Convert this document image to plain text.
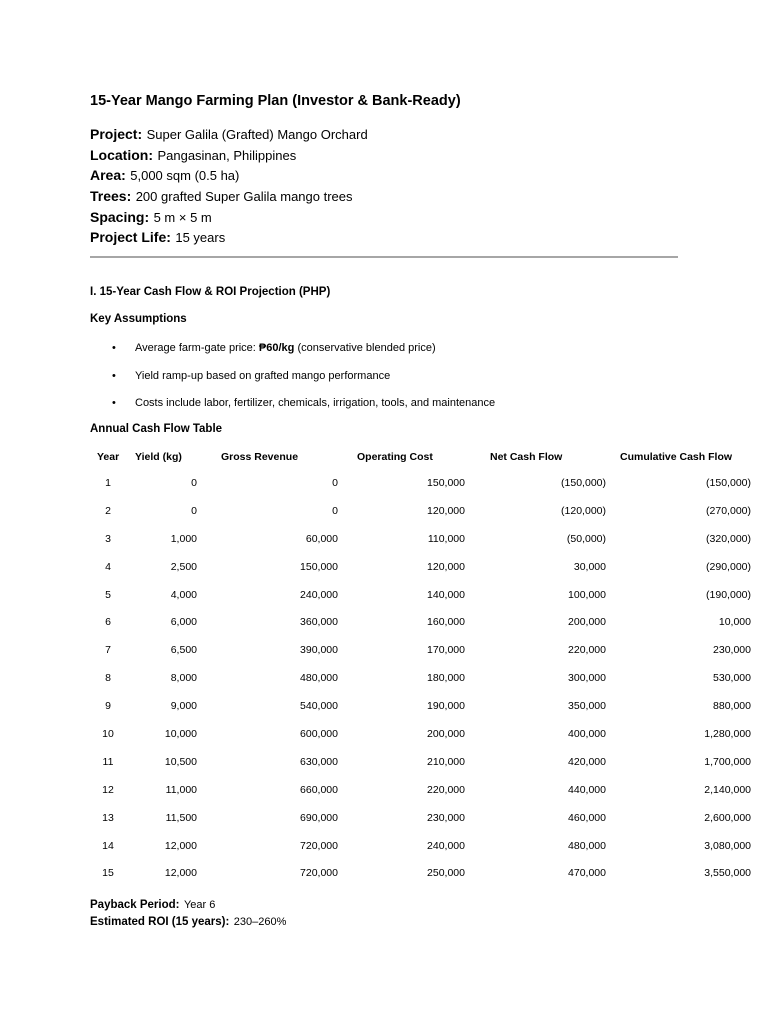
15-Year Mango Farming Plan (Investor & Bank-Ready)
Project: Super Galila (Grafted) Mango Orchard
Location: Pangasinan, Philippines
Area: 5,000 sqm (0.5 ha)
Trees: 200 grafted Super Galila mango trees
Spacing: 5 m × 5 m
Project Life: 15 years
I. 15-Year Cash Flow & ROI Projection (PHP)
Key Assumptions
• Average farm-gate price: ₱60/kg (conservative blended price)
• Yield ramp-up based on grafted mango performance
• Costs include labor, fertilizer, chemicals, irrigation, tools, and maintenance
Annual Cash Flow Table
Year	Yield (kg)	Gross Revenue	Operating Cost	Net Cash Flow	Cumulative Cash Flow
1	0	0	150,000	(150,000)	(150,000)
2	0	0	120,000	(120,000)	(270,000)
3	1,000	60,000	110,000	(50,000)	(320,000)
4	2,500	150,000	120,000	30,000	(290,000)
5	4,000	240,000	140,000	100,000	(190,000)
6	6,000	360,000	160,000	200,000	10,000
7	6,500	390,000	170,000	220,000	230,000
8	8,000	480,000	180,000	300,000	530,000
9	9,000	540,000	190,000	350,000	880,000
10	10,000	600,000	200,000	400,000	1,280,000
11	10,500	630,000	210,000	420,000	1,700,000
12	11,000	660,000	220,000	440,000	2,140,000
13	11,500	690,000	230,000	460,000	2,600,000
14	12,000	720,000	240,000	480,000	3,080,000
15	12,000	720,000	250,000	470,000	3,550,000
Payback Period: Year 6
Estimated ROI (15 years): 230–260%
